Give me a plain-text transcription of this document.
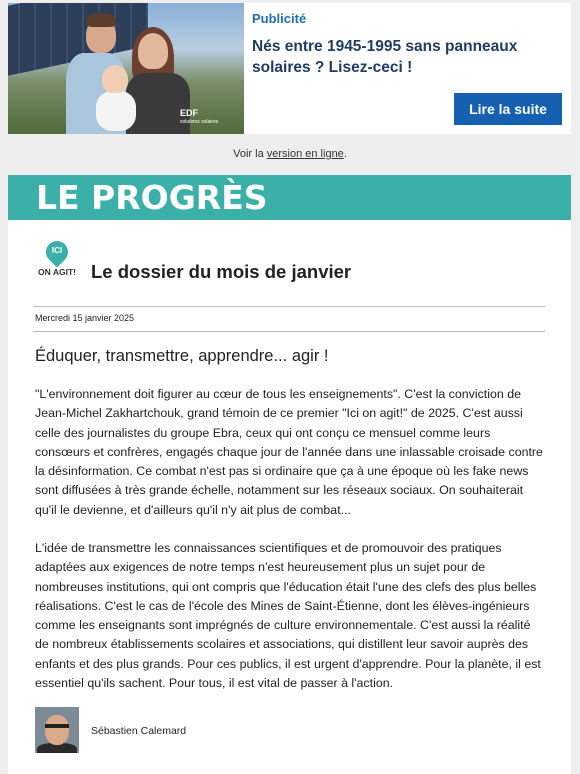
EDF
solutions solaires
Publicité
Nés entre 1945-1995 sans panneaux solaires ? Lisez-ceci !
Lire la suite
Voir la version en ligne.
LE PROGRÈS
ICI
ON AGIT! Le dossier du mois de janvier
Mercredi 15 janvier 2025
Éduquer, transmettre, apprendre... agir !

"L'environnement doit figurer au cœur de tous les enseignements". C'est la conviction de Jean-Michel Zakhartchouk, grand témoin de ce premier "Ici on agit!" de 2025. C'est aussi celle des journalistes du groupe Ebra, ceux qui ont conçu ce mensuel comme leurs consœurs et confrères, engagés chaque jour de l'année dans une inlassable croisade contre la désinformation. Ce combat n'est pas si ordinaire que ça à une époque où les fake news sont diffusées à très grande échelle, notamment sur les réseaux sociaux. On souhaiterait qu'il le devienne, et d'ailleurs qu'il n'y ait plus de combat...

L'idée de transmettre les connaissances scientifiques et de promouvoir des pratiques adaptées aux exigences de notre temps n'est heureusement plus un sujet pour de nombreuses institutions, qui ont compris que l'éducation était l'une des clefs des plus belles réalisations. C'est le cas de l'école des Mines de Saint-Étienne, dont les élèves-ingénieurs comme les enseignants sont imprégnés de culture environnementale. C'est aussi la réalité de nombreux établissements scolaires et associations, qui distillent leur savoir auprès des enfants et des plus grands. Pour ces publics, il est urgent d'apprendre. Pour la planète, il est essentiel qu'ils sachent. Pour tous, il est vital de passer à l'action.

Sébastien Calemard
